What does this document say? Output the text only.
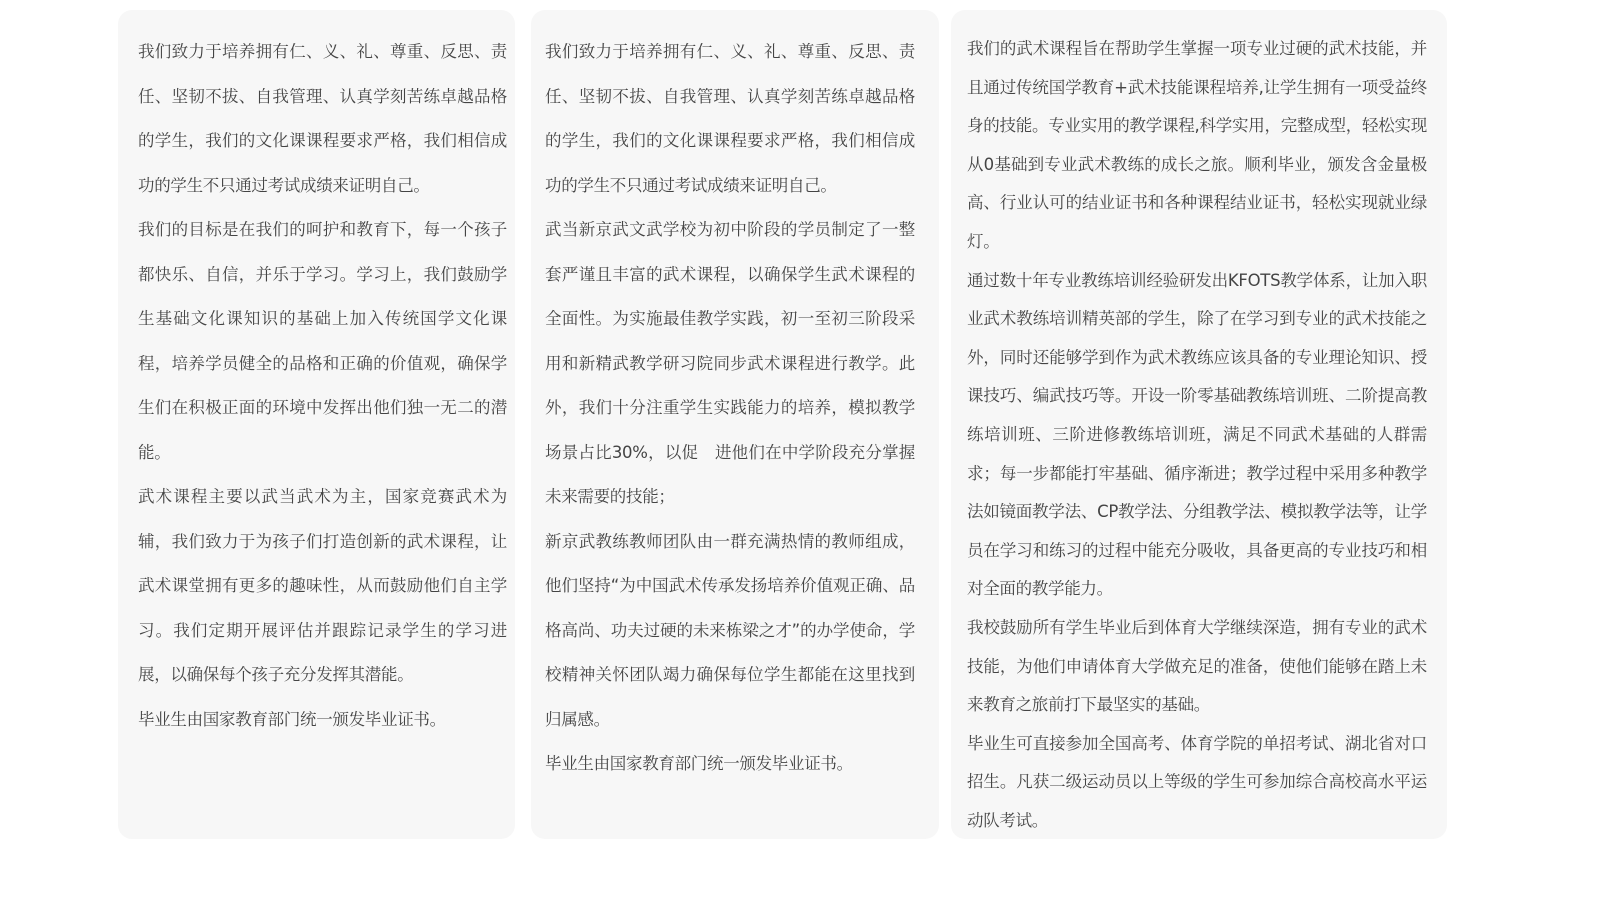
我们致力于培养拥有仁、义、礼、尊重、反思、责任、坚韧不拔、自我管理、认真学刻苦练卓越品格的学生，我们的文化课课程要求严格，我们相信成功的学生不只通过考试成绩来证明自己。

我们的目标是在我们的呵护和教育下，每一个孩子都快乐、自信，并乐于学习。学习上，我们鼓励学生基础文化课知识的基础上加入传统国学文化课程，培养学员健全的品格和正确的价值观，确保学生们在积极正面的环境中发挥出他们独一无二的潜能。

武术课程主要以武当武术为主，国家竞赛武术为辅，我们致力于为孩子们打造创新的武术课程，让武术课堂拥有更多的趣味性，从而鼓励他们自主学习。我们定期开展评估并跟踪记录学生的学习进展，以确保每个孩子充分发挥其潜能。

毕业生由国家教育部门统一颁发毕业证书。

我们致力于培养拥有仁、义、礼、尊重、反思、责任、坚韧不拔、自我管理、认真学刻苦练卓越品格的学生，我们的文化课课程要求严格，我们相信成功的学生不只通过考试成绩来证明自己。

武当新京武文武学校为初中阶段的学员制定了一整套严谨且丰富的武术课程，以确保学生武术课程的全面性。为实施最佳教学实践，初一至初三阶段采用和新精武教学研习院同步武术课程进行教学。此外，我们十分注重学生实践能力的培养，模拟教学场景占比30%，以促　进他们在中学阶段充分掌握未来需要的技能；

新京武教练教师团队由一群充满热情的教师组成，他们坚持“为中国武术传承发扬培养价值观正确、品格高尚、功夫过硬的未来栋梁之才”的办学使命，学校精神关怀团队竭力确保每位学生都能在这里找到归属感。

毕业生由国家教育部门统一颁发毕业证书。

我们的武术课程旨在帮助学生掌握一项专业过硬的武术技能，并且通过传统国学教育+武术技能课程培养,让学生拥有一项受益终身的技能。专业实用的教学课程,科学实用，完整成型，轻松实现从0基础到专业武术教练的成长之旅。顺利毕业，颁发含金量极高、行业认可的结业证书和各种课程结业证书，轻松实现就业绿灯。

通过数十年专业教练培训经验研发出KFOTS教学体系，让加入职业武术教练培训精英部的学生，除了在学习到专业的武术技能之外，同时还能够学到作为武术教练应该具备的专业理论知识、授课技巧、编武技巧等。开设一阶零基础教练培训班、二阶提高教练培训班、三阶进修教练培训班，满足不同武术基础的人群需求；每一步都能打牢基础、循序渐进；教学过程中采用多种教学法如镜面教学法、CP教学法、分组教学法、模拟教学法等，让学员在学习和练习的过程中能充分吸收，具备更高的专业技巧和相对全面的教学能力。

我校鼓励所有学生毕业后到体育大学继续深造，拥有专业的武术技能，为他们申请体育大学做充足的准备，使他们能够在踏上未来教育之旅前打下最坚实的基础。

毕业生可直接参加全国高考、体育学院的单招考试、湖北省对口招生。凡获二级运动员以上等级的学生可参加综合高校高水平运动队考试。
